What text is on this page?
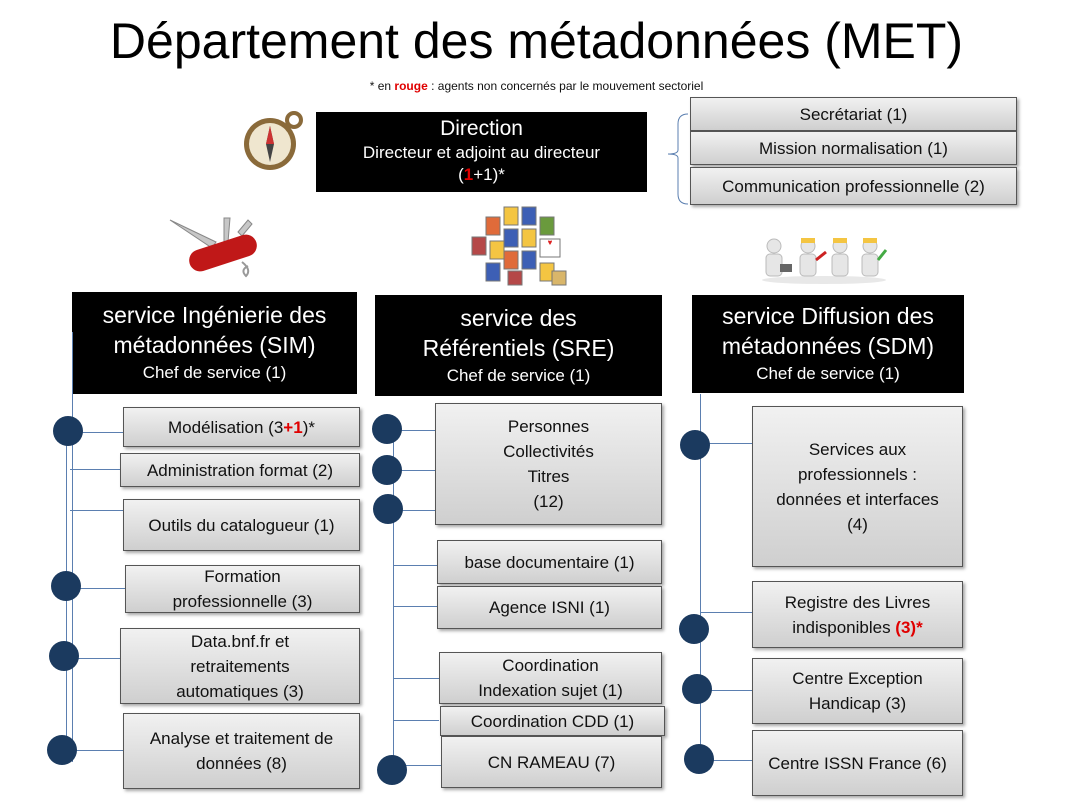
Département des métadonnées (MET)
* en rouge : agents non concernés par le mouvement sectoriel
Direction
Directeur et adjoint au directeur
(1+1)*
Secrétariat (1)
Mission normalisation (1)
Communication professionnelle (2)
service Ingénierie des
métadonnées (SIM)
Chef de service (1)
service des
Référentiels (SRE)
Chef de service (1)
service Diffusion des
métadonnées (SDM)
Chef de service (1)
Modélisation (3+1)*
Administration format (2)
Outils du catalogueur (1)
Formation
professionnelle (3)
Data.bnf.fr et
retraitements
automatiques (3)
Analyse et traitement de
données (8)
Personnes
Collectivités
Titres
(12)
base documentaire (1)
Agence ISNI (1)
Coordination
Indexation sujet (1)
Coordination CDD (1)
CN RAMEAU (7)
Services aux
professionnels :
données et interfaces
(4)
Registre des Livres
indisponibles (3)*
Centre Exception
Handicap (3)
Centre ISSN France (6)
